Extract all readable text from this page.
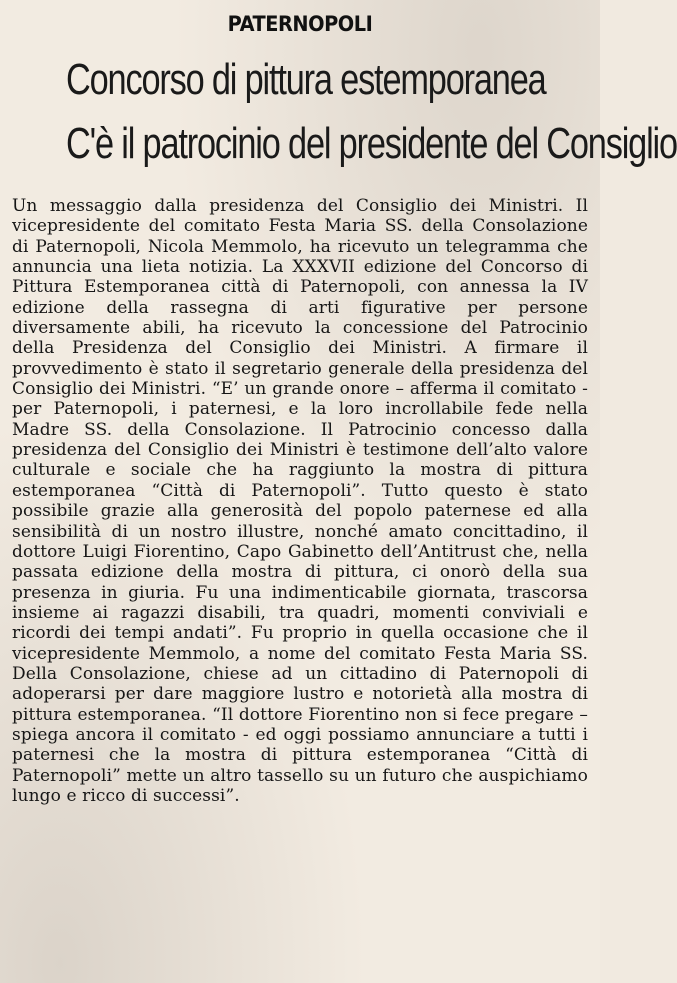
PATERNOPOLI
Concorso di pittura estemporanea
C'è il patrocinio del presidente del Consiglio

Un messaggio dalla presidenza del Consiglio dei Ministri. Il vicepresidente del comitato Festa Maria SS. della Consolazione di Paternopoli, Nicola Memmolo, ha ricevuto un telegramma che annuncia una lieta notizia. La XXXVII edizione del Concorso di Pittura Estemporanea città di Paternopoli, con annessa la IV edizione della rassegna di arti figurative per persone diversamente abili, ha ricevuto la concessione del Patrocinio della Presidenza del Consiglio dei Ministri. A firmare il provvedimento è stato il segretario generale della presidenza del Consiglio dei Ministri. “E’ un grande onore – afferma il comitato - per Paternopoli, i paternesi, e la loro incrollabile fede nella Madre SS. della Consolazione. Il Patrocinio concesso dalla presidenza del Consiglio dei Ministri è testimone dell’alto valore culturale e sociale che ha raggiunto la mostra di pittura estemporanea “Città di Paternopoli”. Tutto questo è stato possibile grazie alla generosità del popolo paternese ed alla sensibilità di un nostro illustre, nonché amato concittadino, il dottore Luigi Fiorentino, Capo Gabinetto dell’Antitrust che, nella passata edizione della mostra di pittura, ci onorò della sua presenza in giuria. Fu una indimenticabile giornata, trascorsa insieme ai ragazzi disabili, tra quadri, momenti conviviali e ricordi dei tempi andati”. Fu proprio in quella occasione che il vicepresidente Memmolo, a nome del comitato Festa Maria SS. Della Consolazione, chiese ad un cittadino di Paternopoli di adoperarsi per dare maggiore lustro e notorietà alla mostra di pittura estemporanea. “Il dottore Fiorentino non si fece pregare – spiega ancora il comitato - ed oggi possiamo annunciare a tutti i paternesi che la mostra di pittura estemporanea “Città di Paternopoli” mette un altro tassello su un futuro che auspichiamo lungo e ricco di successi”.
